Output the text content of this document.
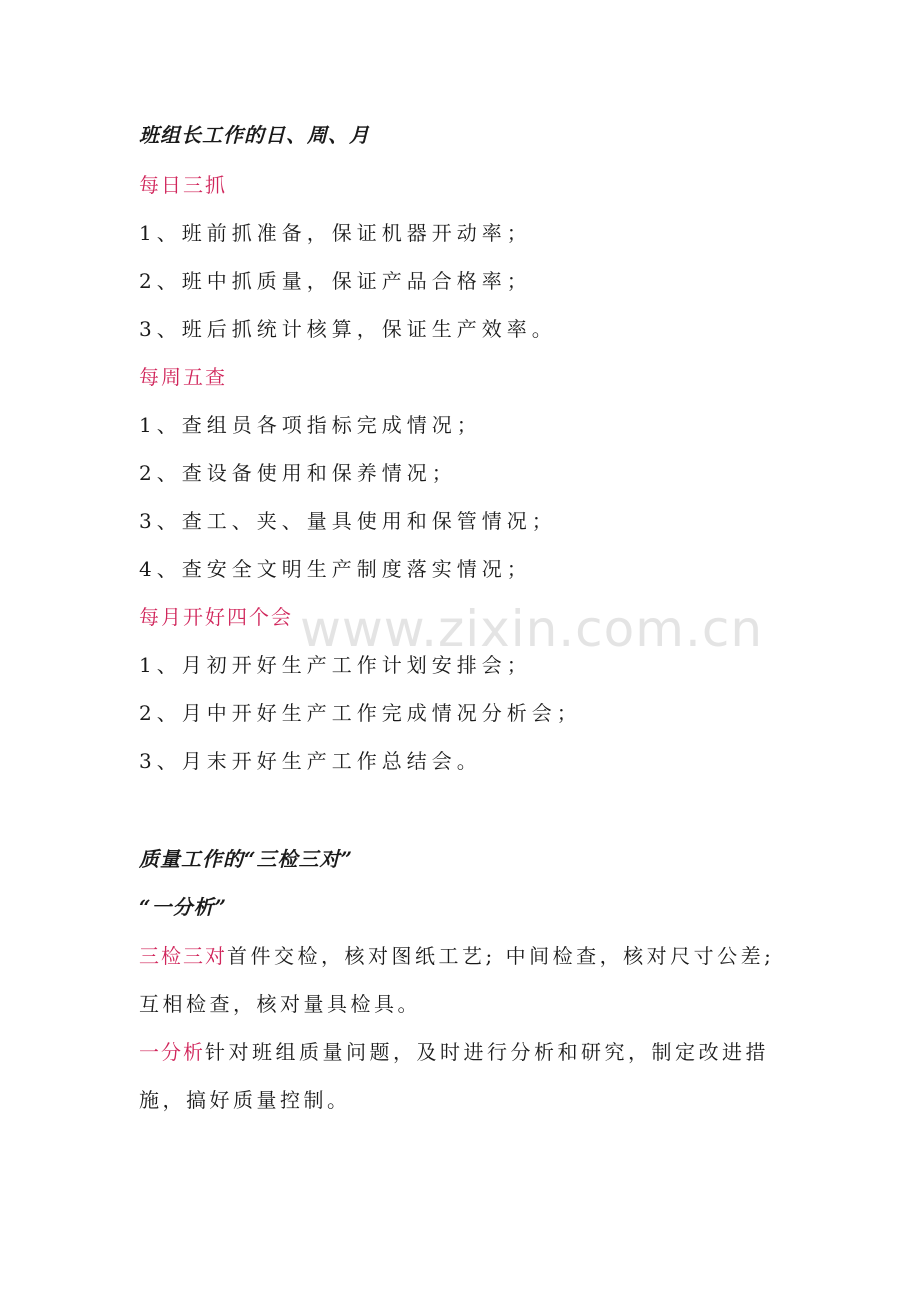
www.zixin.com.cn
班组长工作的日、周、月
每日三抓
1、班前抓准备，保证机器开动率；
2、班中抓质量，保证产品合格率；
3、班后抓统计核算，保证生产效率。
每周五查
1、查组员各项指标完成情况；
2、查设备使用和保养情况；
3、查工、夹、量具使用和保管情况；
4、查安全文明生产制度落实情况；
每月开好四个会
1、月初开好生产工作计划安排会；
2、月中开好生产工作完成情况分析会；
3、月末开好生产工作总结会。
质量工作的“三检三对”
“一分析”
三检三对首件交检，核对图纸工艺; 中间检查，核对尺寸公差; 互相检查，核对量具检具。
一分析针对班组质量问题，及时进行分析和研究，制定改进措施，搞好质量控制。
